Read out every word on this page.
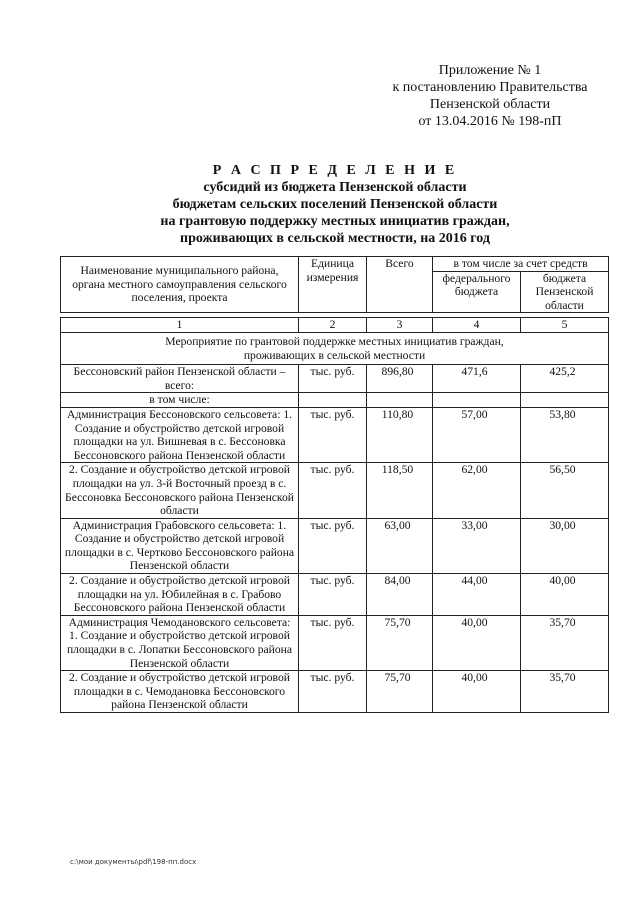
Приложение № 1
к постановлению Правительства
Пензенской области
от 13.04.2016 № 198-пП
Р А С П Р Е Д Е Л Е Н И Е
субсидий из бюджета Пензенской области
бюджетам сельских поселений Пензенской области
на грантовую поддержку местных инициатив граждан,
проживающих в сельской местности, на 2016 год
Наименование муниципального района, органа местного самоуправления сельского поселения, проекта	Единица измерения	Всего	в том числе за счет средств	
			федерального бюджета	бюджета Пензенской области

1	2	3	4	5
Мероприятие по грантовой поддержке местных инициатив граждан, проживающих в сельской местности				
Бессоновский район Пензенской области – всего:	тыс. руб.	896,80	471,6	425,2
в том числе:				
Администрация Бессоновского сельсовета: 1. Создание и обустройство детской игровой площадки на ул. Вишневая в с. Бессоновка Бессоновского района Пензенской области	тыс. руб.	110,80	57,00	53,80
2. Создание и обустройство детской игровой площадки на ул. 3-й Восточный проезд в с. Бессоновка Бессоновского района Пензенской области	тыс. руб.	118,50	62,00	56,50
Администрация Грабовского сельсовета: 1. Создание и обустройство детской игровой площадки в с. Чертково Бессоновского района Пензенской области	тыс. руб.	63,00	33,00	30,00
2. Создание и обустройство детской игровой площадки на ул. Юбилейная в с. Грабово Бессоновского района Пензенской области	тыс. руб.	84,00	44,00	40,00
Администрация Чемодановского сельсовета: 1. Создание и обустройство детской игровой площадки в с. Лопатки Бессоновского района Пензенской области	тыс. руб.	75,70	40,00	35,70
2. Создание и обустройство детской игровой площадки в с. Чемодановка Бессоновского района Пензенской области	тыс. руб.	75,70	40,00	35,70
c:\мои документы\pdf\198-пп.docx
